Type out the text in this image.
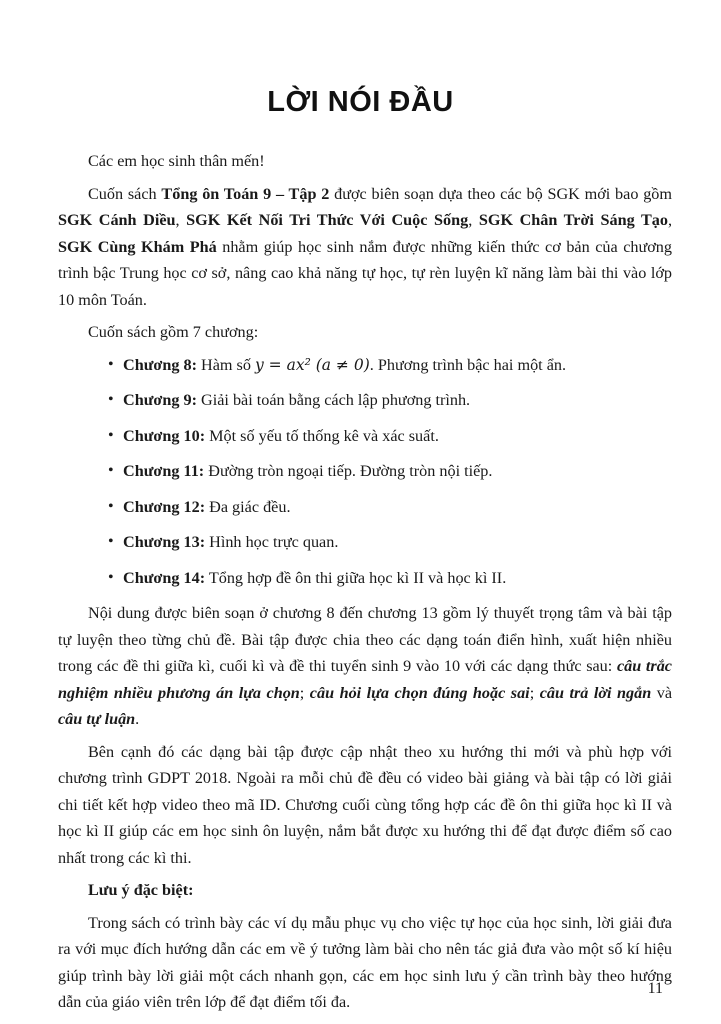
LỜI NÓI ĐẦU

Các em học sinh thân mến!

Cuốn sách Tổng ôn Toán 9 – Tập 2 được biên soạn dựa theo các bộ SGK mới bao gồm SGK Cánh Diều, SGK Kết Nối Tri Thức Với Cuộc Sống, SGK Chân Trời Sáng Tạo, SGK Cùng Khám Phá nhằm giúp học sinh nắm được những kiến thức cơ bản của chương trình bậc Trung học cơ sở, nâng cao khả năng tự học, tự rèn luyện kĩ năng làm bài thi vào lớp 10 môn Toán.

Cuốn sách gồm 7 chương:

• Chương 8: Hàm số y = ax² (a ≠ 0). Phương trình bậc hai một ẩn.
• Chương 9: Giải bài toán bằng cách lập phương trình.
• Chương 10: Một số yếu tố thống kê và xác suất.
• Chương 11: Đường tròn ngoại tiếp. Đường tròn nội tiếp.
• Chương 12: Đa giác đều.
• Chương 13: Hình học trực quan.
• Chương 14: Tổng hợp đề ôn thi giữa học kì II và học kì II.

Nội dung được biên soạn ở chương 8 đến chương 13 gồm lý thuyết trọng tâm và bài tập tự luyện theo từng chủ đề. Bài tập được chia theo các dạng toán điển hình, xuất hiện nhiều trong các đề thi giữa kì, cuối kì và đề thi tuyển sinh 9 vào 10 với các dạng thức sau: câu trắc nghiệm nhiều phương án lựa chọn; câu hỏi lựa chọn đúng hoặc sai; câu trả lời ngắn và câu tự luận.

Bên cạnh đó các dạng bài tập được cập nhật theo xu hướng thi mới và phù hợp với chương trình GDPT 2018. Ngoài ra mỗi chủ đề đều có video bài giảng và bài tập có lời giải chi tiết kết hợp video theo mã ID. Chương cuối cùng tổng hợp các đề ôn thi giữa học kì II và học kì II giúp các em học sinh ôn luyện, nắm bắt được xu hướng thi để đạt được điểm số cao nhất trong các kì thi.

Lưu ý đặc biệt:

Trong sách có trình bày các ví dụ mẫu phục vụ cho việc tự học của học sinh, lời giải đưa ra với mục đích hướng dẫn các em về ý tưởng làm bài cho nên tác giả đưa vào một số kí hiệu giúp trình bày lời giải một cách nhanh gọn, các em học sinh lưu ý cần trình bày theo hướng dẫn của giáo viên trên lớp để đạt điểm tối đa.

11
